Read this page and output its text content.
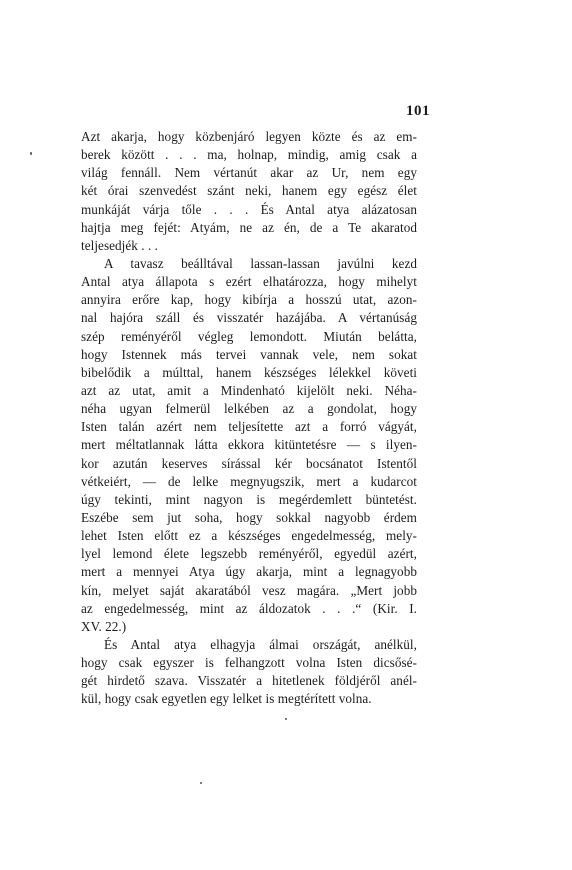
101
Azt akarja, hogy közbenjáró legyen közte és az em-
berek között . . . ma, holnap, mindig, amig csak a
világ fennáll. Nem vértanút akar az Ur, nem egy
két órai szenvedést szánt neki, hanem egy egész élet
munkáját várja tőle . . . És Antal atya alázatosan
hajtja meg fejét: Atyám, ne az én, de a Te akaratod
teljesedjék . . .
A tavasz beálltával lassan-lassan javúlni kezd
Antal atya állapota s ezért elhatározza, hogy mihelyt
annyira erőre kap, hogy kibírja a hosszú utat, azon-
nal hajóra száll és visszatér hazájába. A vértanúság
szép reményéről végleg lemondott. Miután belátta,
hogy Istennek más tervei vannak vele, nem sokat
bibelődik a múlttal, hanem készséges lélekkel követi
azt az utat, amit a Mindenható kijelölt neki. Néha-
néha ugyan felmerül lelkében az a gondolat, hogy
Isten talán azért nem teljesítette azt a forró vágyát,
mert méltatlannak látta ekkora kitüntetésre — s ilyen-
kor azután keserves sírással kér bocsánatot Istentől
vétkeiért, — de lelke megnyugszik, mert a kudarcot
úgy tekinti, mint nagyon is megérdemlett büntetést.
Eszébe sem jut soha, hogy sokkal nagyobb érdem
lehet Isten előtt ez a készséges engedelmesség, mely-
lyel lemond élete legszebb reményéről, egyedül azért,
mert a mennyei Atya úgy akarja, mint a legnagyobb
kín, melyet saját akaratából vesz magára. „Mert jobb
az engedelmesség, mint az áldozatok . . .“ (Kir. I.
XV. 22.)
És Antal atya elhagyja álmai országát, anélkül,
hogy csak egyszer is felhangzott volna Isten dicsősé-
gét hirdető szava. Visszatér a hitetlenek földjéről anél-
kül, hogy csak egyetlen egy lelket is megtérített volna.
